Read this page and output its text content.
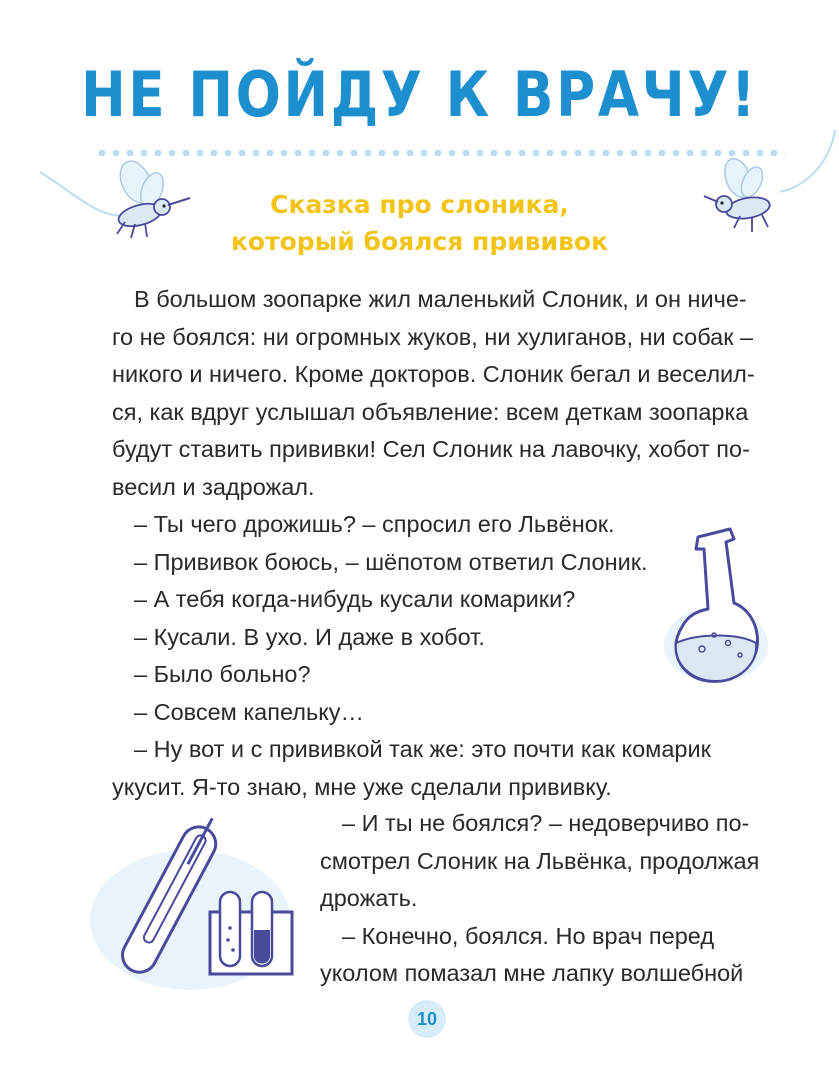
НЕ ПОЙДУ К ВРАЧУ!
Сказка про слоника,
который боялся прививок

В большом зоопарке жил маленький Слоник, и он ниче-
го не боялся: ни огромных жуков, ни хулиганов, ни собак –
никого и ничего. Кроме докторов. Слоник бегал и веселил-
ся, как вдруг услышал объявление: всем деткам зоопарка
будут ставить прививки! Сел Слоник на лавочку, хобот по-
весил и задрожал.

– Ты чего дрожишь? – спросил его Львёнок.

– Прививок боюсь, – шёпотом ответил Слоник.

– А тебя когда-нибудь кусали комарики?

– Кусали. В ухо. И даже в хобот.

– Было больно?

– Совсем капельку…

– Ну вот и с прививкой так же: это почти как комарик
укусит. Я-то знаю, мне уже сделали прививку.

– И ты не боялся? – недоверчиво по-
смотрел Слоник на Львёнка, продолжая
дрожать.

– Конечно, боялся. Но врач перед
уколом помазал мне лапку волшебной

10
